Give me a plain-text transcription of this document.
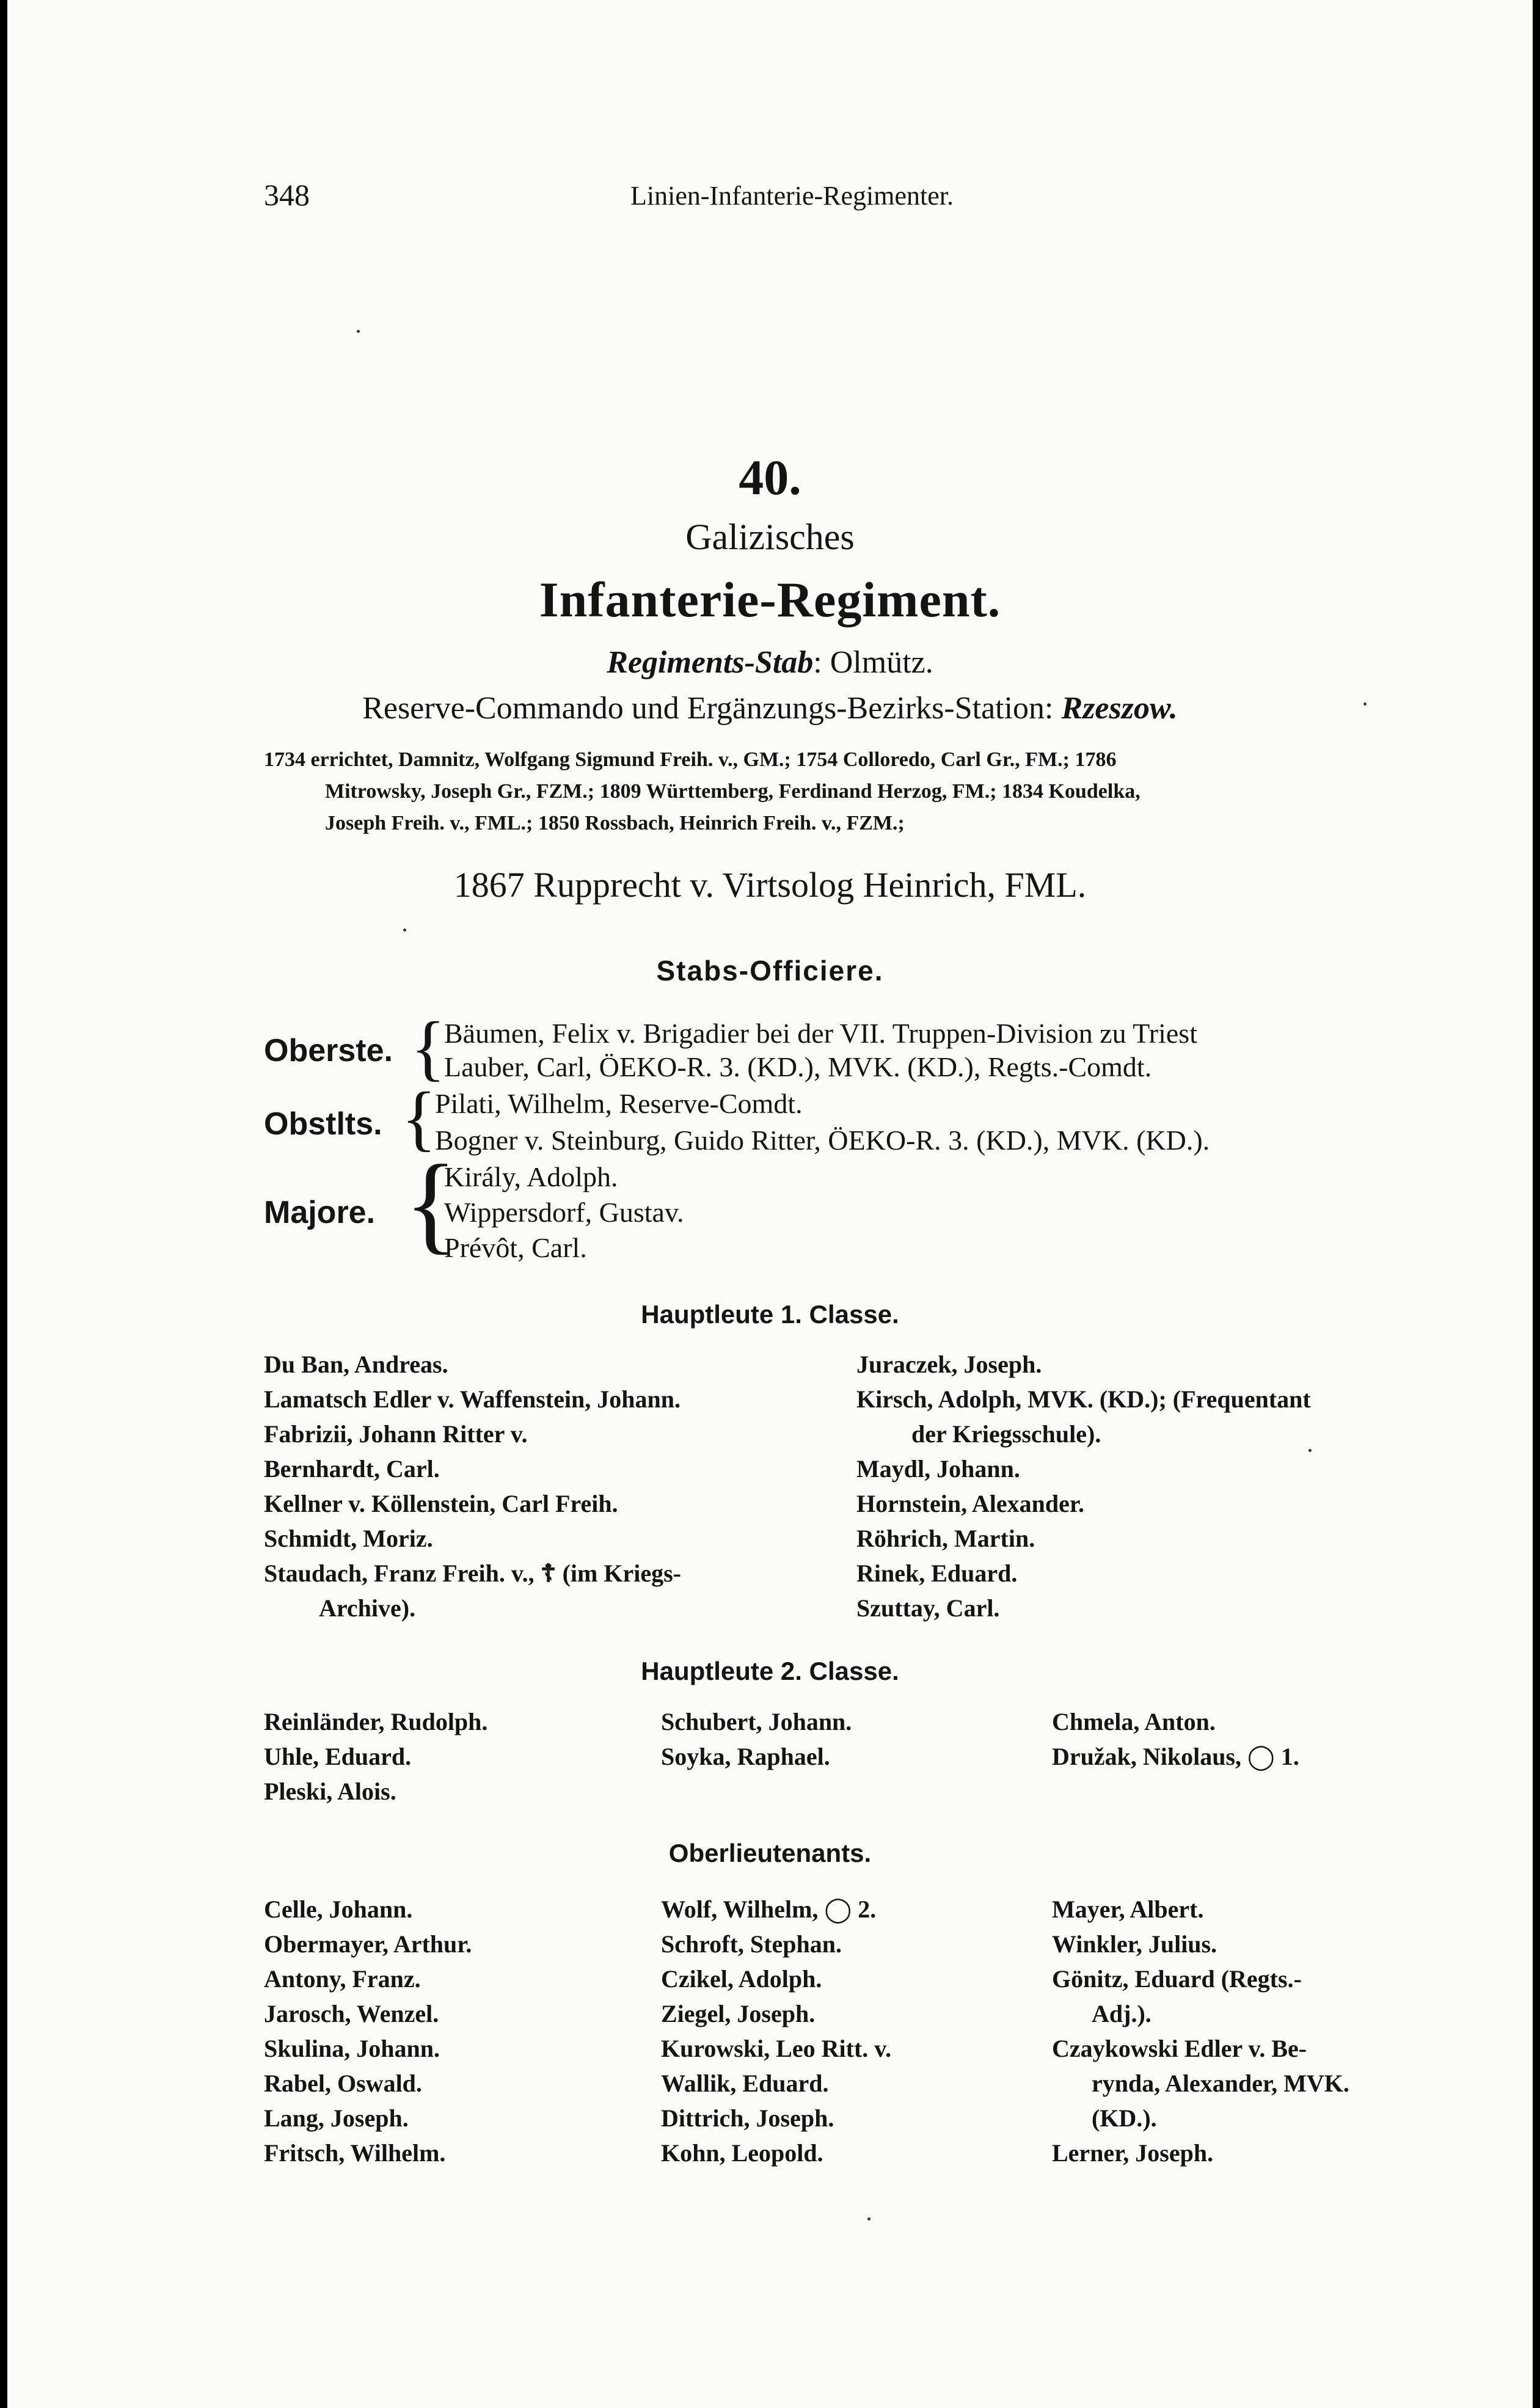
348	Linien-Infanterie-Regimenter.
40.
Galizisches
Infanterie-Regiment.
Regiments-Stab: Olmütz.
Reserve-Commando und Ergänzungs-Bezirks-Station: Rzeszow.

1734 errichtet, Damnitz, Wolfgang Sigmund Freih. v., GM.; 1754 Colloredo, Carl Gr., FM.; 1786

Mitrowsky, Joseph Gr., FZM.; 1809 Württemberg, Ferdinand Herzog, FM.; 1834 Koudelka,

Joseph Freih. v., FML.; 1850 Rossbach, Heinrich Freih. v., FZM.;

1867 Rupprecht v. Virtsolog Heinrich, FML.
Stabs-Officiere.
Oberste. {
Bäumen, Felix v. Brigadier bei der VII. Truppen-Division zu Triest
Lauber, Carl, ÖEKO-R. 3. (KD.), MVK. (KD.), Regts.-Comdt.
Obstlts. {
Pilati, Wilhelm, Reserve-Comdt.
Bogner v. Steinburg, Guido Ritter, ÖEKO-R. 3. (KD.), MVK. (KD.).
Majore. {
Király, Adolph.
Wippersdorf, Gustav.
Prévôt, Carl.
Hauptleute 1. Classe.
Du Ban, Andreas.
Lamatsch Edler v. Waffenstein, Johann.
Fabrizii, Johann Ritter v.
Bernhardt, Carl.
Kellner v. Köllenstein, Carl Freih.
Schmidt, Moriz.
Staudach, Franz Freih. v., ☦ (im Kriegs-
Archive).
Juraczek, Joseph.
Kirsch, Adolph, MVK. (KD.); (Frequentant
der Kriegsschule).
Maydl, Johann.
Hornstein, Alexander.
Röhrich, Martin.
Rinek, Eduard.
Szuttay, Carl.
Hauptleute 2. Classe.
Reinländer, Rudolph.
Uhle, Eduard.
Pleski, Alois.
Schubert, Johann.
Soyka, Raphael.
Chmela, Anton.
Družak, Nikolaus, ◯ 1.
Oberlieutenants.
Celle, Johann.
Obermayer, Arthur.
Antony, Franz.
Jarosch, Wenzel.
Skulina, Johann.
Rabel, Oswald.
Lang, Joseph.
Fritsch, Wilhelm.
Wolf, Wilhelm, ◯ 2.
Schroft, Stephan.
Czikel, Adolph.
Ziegel, Joseph.
Kurowski, Leo Ritt. v.
Wallik, Eduard.
Dittrich, Joseph.
Kohn, Leopold.
Mayer, Albert.
Winkler, Julius.
Gönitz, Eduard (Regts.-
Adj.).
Czaykowski Edler v. Be-
rynda, Alexander, MVK.
(KD.).
Lerner, Joseph.
